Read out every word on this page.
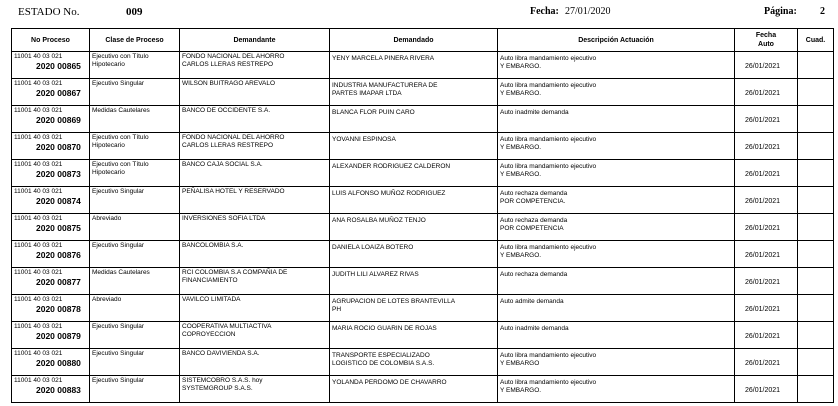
ESTADO No.	009	Fecha: 27/01/2020	Página: 2
No Proceso	Clase de Proceso	Demandante	Demandado	Descripción Actuación	Fecha
Auto	Cuad.

11001 40 03 021
2020 00865	Ejecutivo con Título
Hipotecario	FONDO NACIONAL DEL AHORRO
CARLOS LLERAS RESTREPO	YENY MARCELA PINERA RIVERA	Auto libra mandamiento ejecutivo
Y EMBARGO.	26/01/2021	

11001 40 03 021
2020 00867	Ejecutivo Singular	WILSON BUITRAGO AREVALO	INDUSTRIA MANUFACTURERA DE
PARTES IMAPAR LTDA	Auto libra mandamiento ejecutivo
Y EMBARGO.	26/01/2021	

11001 40 03 021
2020 00869	Medidas Cautelares	BANCO DE OCCIDENTE S.A.	BLANCA FLOR PUIN CARO	Auto inadmite demanda	26/01/2021	

11001 40 03 021
2020 00870	Ejecutivo con Título
Hipotecario	FONDO NACIONAL DEL AHORRO
CARLOS LLERAS RESTREPO	YOVANNI ESPINOSA	Auto libra mandamiento ejecutivo
Y EMBARGO.	26/01/2021	

11001 40 03 021
2020 00873	Ejecutivo con Título
Hipotecario	BANCO CAJA SOCIAL S.A.	ALEXANDER RODRIGUEZ CALDERON	Auto libra mandamiento ejecutivo
Y EMBARGO.	26/01/2021	

11001 40 03 021
2020 00874	Ejecutivo Singular	PEÑALISA HOTEL Y RESERVADO	LUIS ALFONSO MUÑOZ RODRIGUEZ	Auto rechaza demanda
POR COMPETENCIA.	26/01/2021	

11001 40 03 021
2020 00875	Abreviado	INVERSIONES SOFIA LTDA	ANA ROSALBA MUÑOZ TENJO	Auto rechaza demanda
POR COMPETENCIA	26/01/2021	

11001 40 03 021
2020 00876	Ejecutivo Singular	BANCOLOMBIA S.A.	DANIELA LOAIZA BOTERO	Auto libra mandamiento ejecutivo
Y EMBARGO.	26/01/2021	

11001 40 03 021
2020 00877	Medidas Cautelares	RCI COLOMBIA S.A COMPAÑIA DE
FINANCIAMIENTO	JUDITH LILI ALVAREZ RIVAS	Auto rechaza demanda	26/01/2021	

11001 40 03 021
2020 00878	Abreviado	VAVILCO LIMITADA	AGRUPACION DE LOTES BRANTEVILLA
PH	Auto admite demanda	26/01/2021	

11001 40 03 021
2020 00879	Ejecutivo Singular	COOPERATIVA MULTIACTIVA
COPROYECCION	MARIA ROCIO GUARIN DE ROJAS	Auto inadmite demanda	26/01/2021	

11001 40 03 021
2020 00880	Ejecutivo Singular	BANCO DAVIVIENDA S.A.	TRANSPORTE ESPECIALIZADO
LOGISTICO DE COLOMBIA S.A.S.	Auto libra mandamiento ejecutivo
Y EMBARGO	26/01/2021	

11001 40 03 021
2020 00883	Ejecutivo Singular	SISTEMCOBRO S.A.S. hoy
SYSTEMGROUP S.A.S.	YOLANDA PERDOMO DE CHAVARRO	Auto libra mandamiento ejecutivo
Y EMBARGO.	26/01/2021	
